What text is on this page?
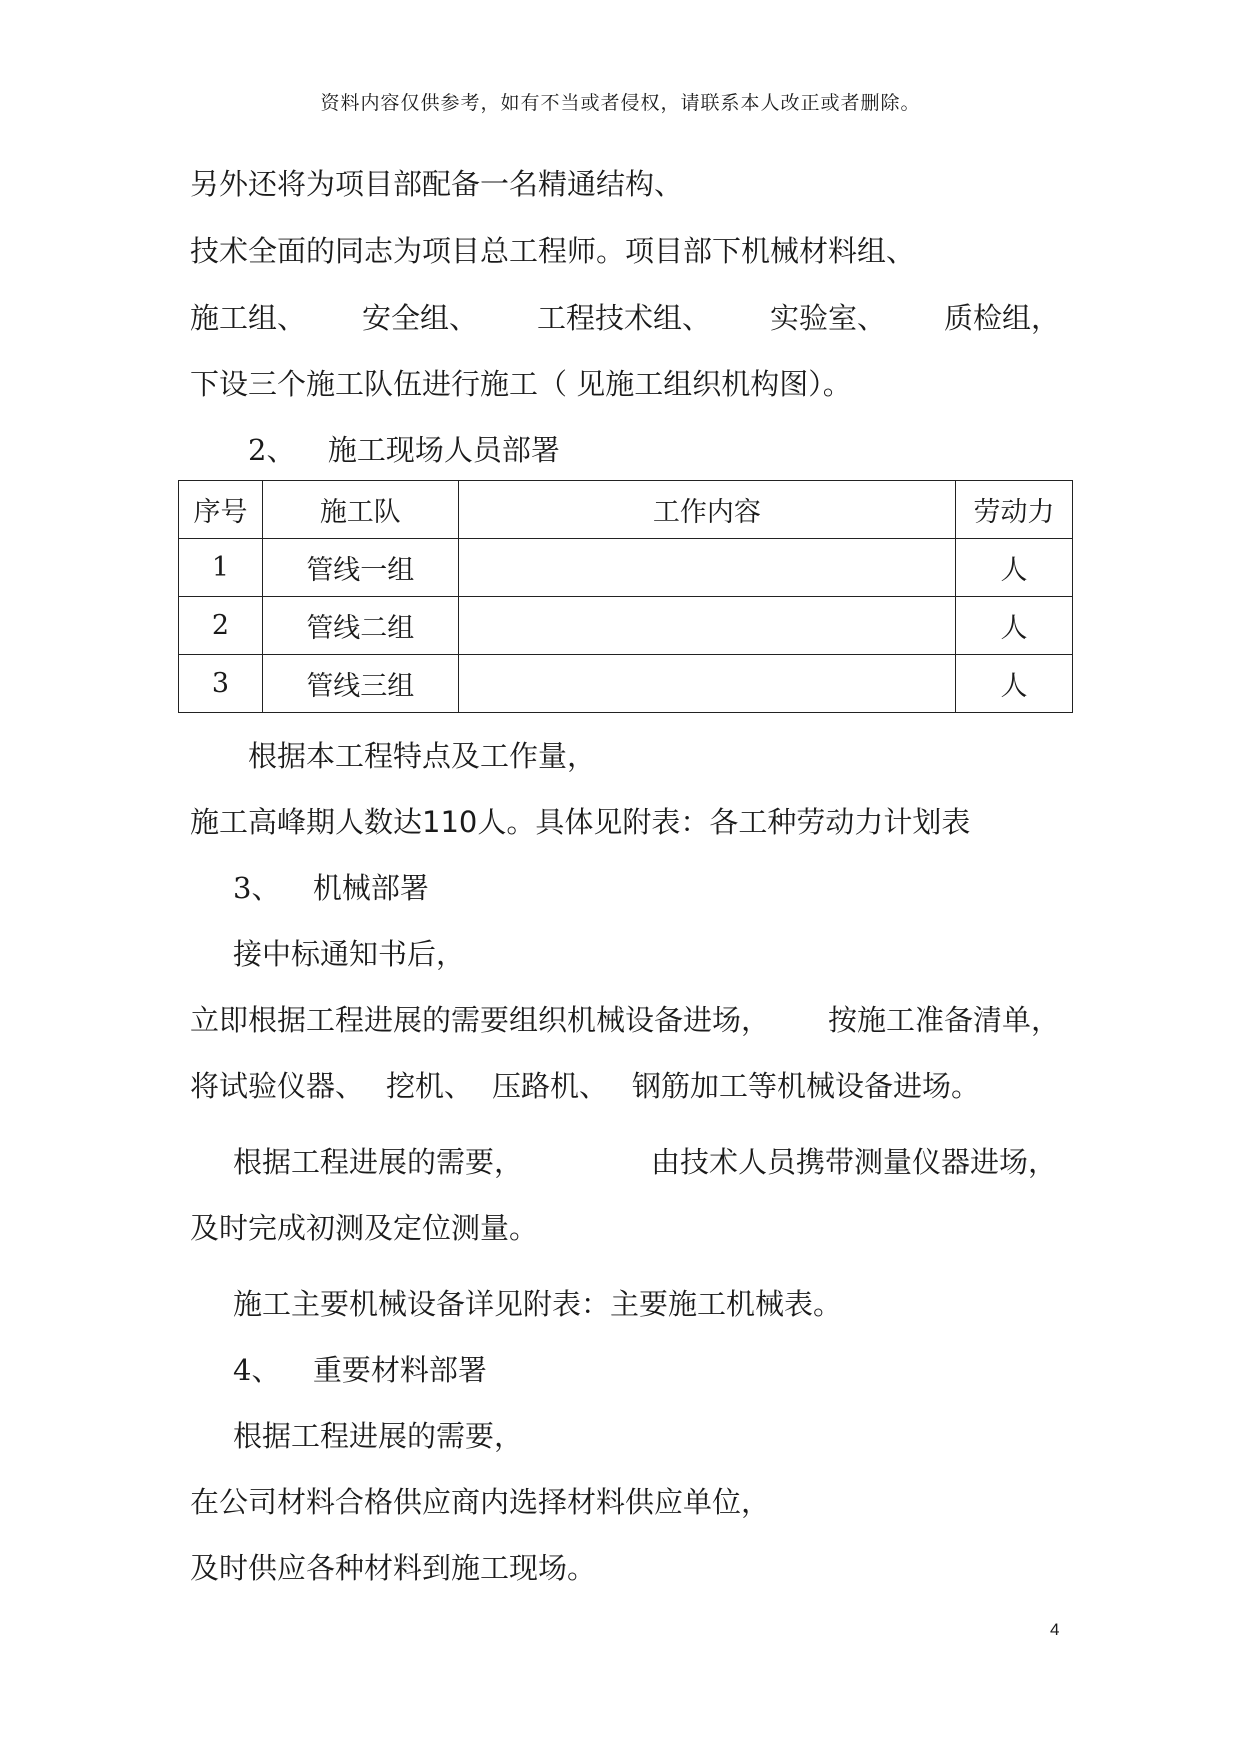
资料内容仅供参考，如有不当或者侵权，请联系本人改正或者删除。
另外还将为项目部配备一名精通结构、
技术全面的同志为项目总工程师。项目部下机械材料组、
施工组、 安全组、 工程技术组、 实验室、 质检组，
下设三个施工队伍进行施工（ 见施工组织机构图）。
2、 施工现场人员部署
序号	施工队	工作内容	劳动力
1	管线一组		人
2	管线二组		人
3	管线三组		人
根据本工程特点及工作量，
施工高峰期人数达110人。具体见附表：各工种劳动力计划表
3、 机械部署
接中标通知书后，
立即根据工程进展的需要组织机械设备进场， 按施工准备清单，
将试验仪器、 挖机、 压路机、 钢筋加工等机械设备进场。
根据工程进展的需要，	由技术人员携带测量仪器进场，
及时完成初测及定位测量。
施工主要机械设备详见附表：主要施工机械表。
4、 重要材料部署
根据工程进展的需要，
在公司材料合格供应商内选择材料供应单位，
及时供应各种材料到施工现场。
4
